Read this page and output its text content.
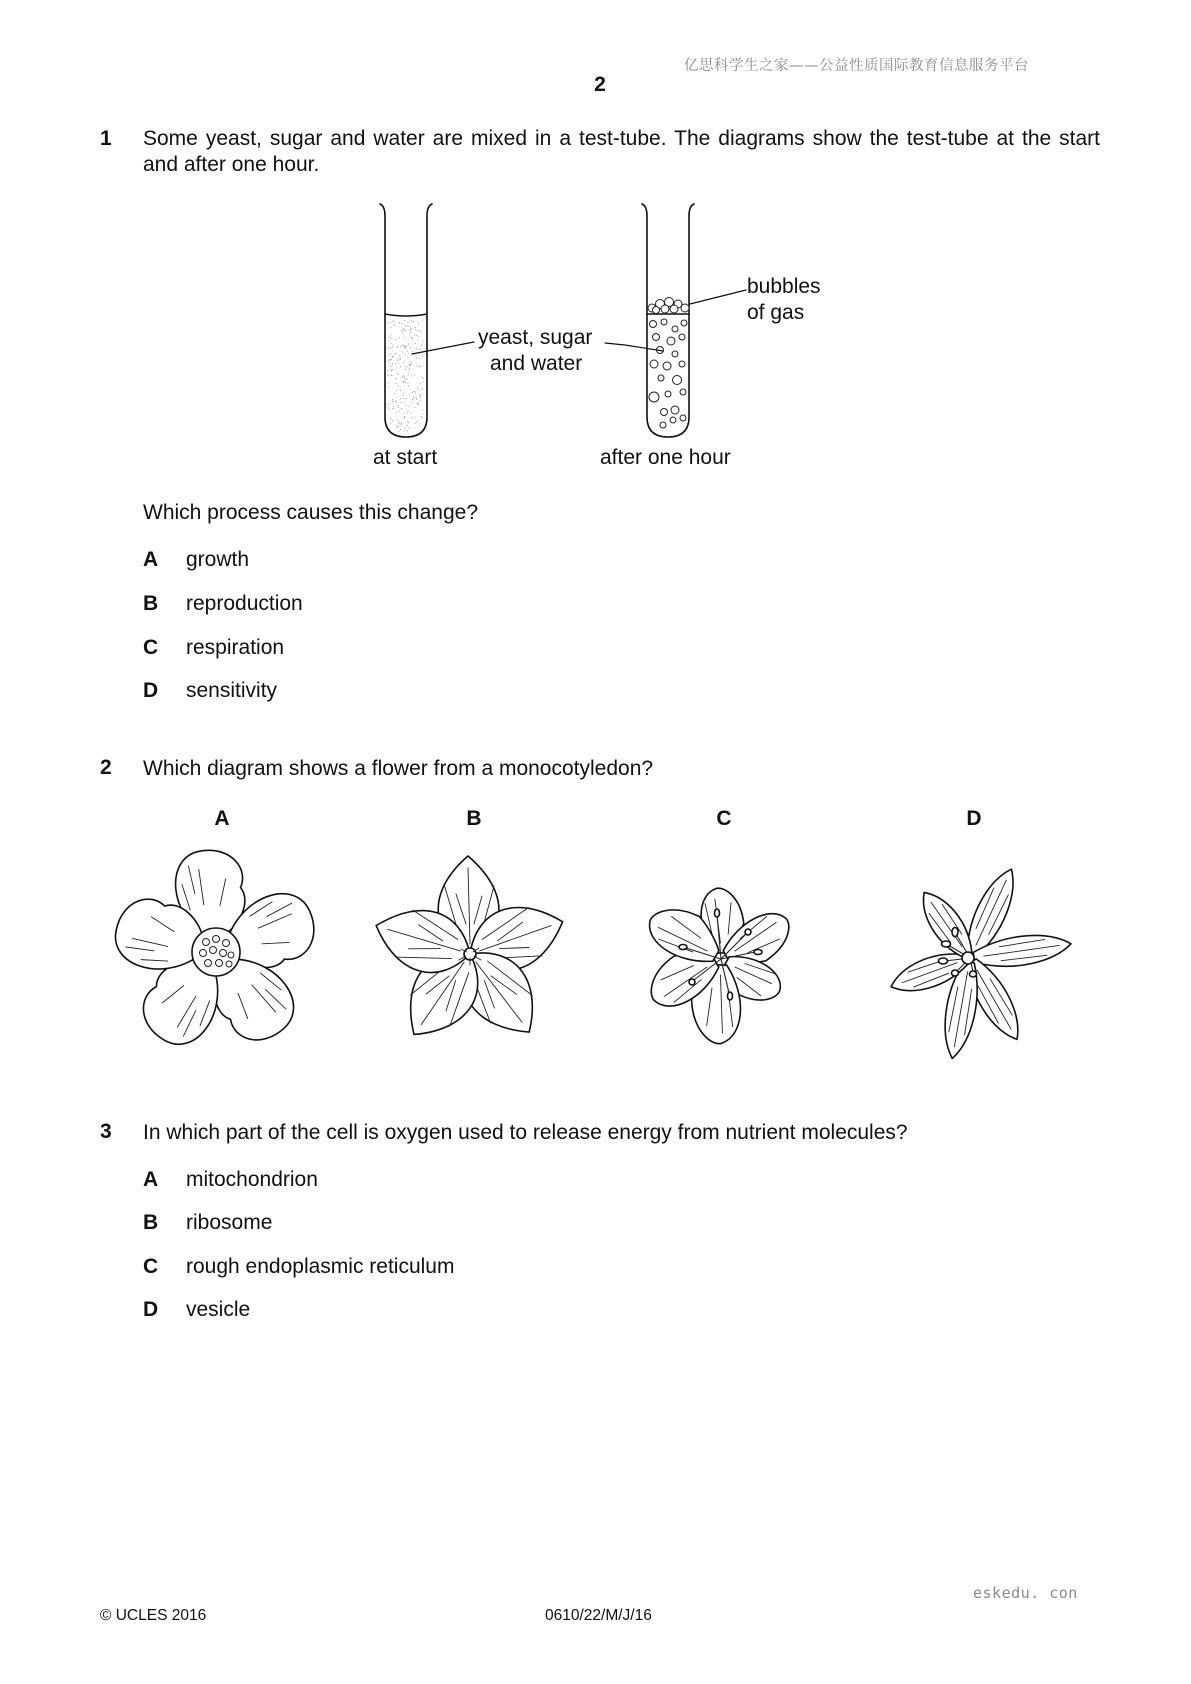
亿思科学生之家——公益性质国际教育信息服务平台
2
1 Some yeast, sugar and water are mixed in a test-tube. The diagrams show the test-tube at the start and after one hour.
yeast, sugar
and water
bubbles
of gas
at start	after one hour
Which process causes this change?
A growth
B reproduction
C respiration
D sensitivity
2 Which diagram shows a flower from a monocotyledon?
A	B	C	D
3 In which part of the cell is oxygen used to release energy from nutrient molecules?
A mitochondrion
B ribosome
C rough endoplasmic reticulum
D vesicle
eskedu. con
© UCLES 2016	0610/22/M/J/16
